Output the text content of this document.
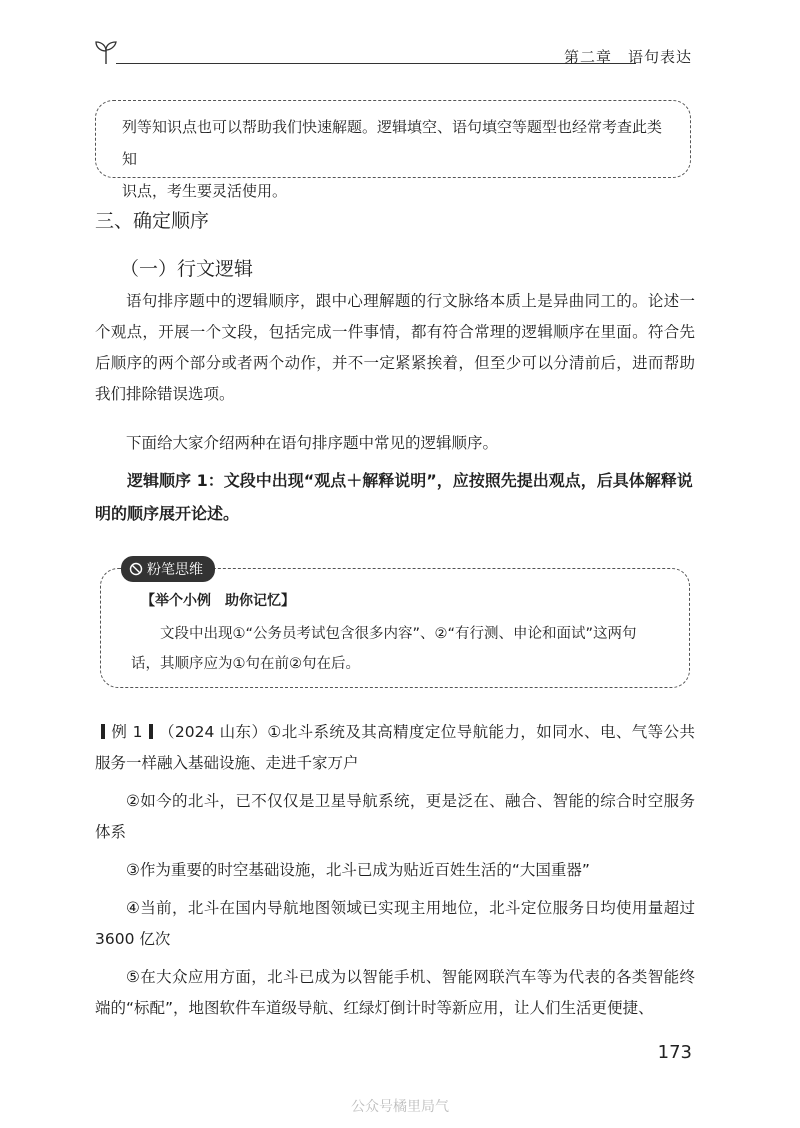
第二章　语句表达

列等知识点也可以帮助我们快速解题。逻辑填空、语句填空等题型也经常考查此类知

识点，考生要灵活使用。

三、确定顺序
（一）行文逻辑

语句排序题中的逻辑顺序，跟中心理解题的行文脉络本质上是异曲同工的。论述一个观点，开展一个文段，包括完成一件事情，都有符合常理的逻辑顺序在里面。符合先后顺序的两个部分或者两个动作，并不一定紧紧挨着，但至少可以分清前后，进而帮助我们排除错误选项。

下面给大家介绍两种在语句排序题中常见的逻辑顺序。

逻辑顺序 1：文段中出现“观点＋解释说明”，应按照先提出观点，后具体解释说明的顺序展开论述。

粉笔思维

【举个小例　助你记忆】

文段中出现①“公务员考试包含很多内容”、②“有行测、申论和面试”这两句话，其顺序应为①句在前②句在后。

例 1 （2024 山东）①北斗系统及其高精度定位导航能力，如同水、电、气等公共服务一样融入基础设施、走进千家万户

②如今的北斗，已不仅仅是卫星导航系统，更是泛在、融合、智能的综合时空服务体系

③作为重要的时空基础设施，北斗已成为贴近百姓生活的“大国重器”

④当前，北斗在国内导航地图领域已实现主用地位，北斗定位服务日均使用量超过 3600 亿次

⑤在大众应用方面，北斗已成为以智能手机、智能网联汽车等为代表的各类智能终端的“标配”，地图软件车道级导航、红绿灯倒计时等新应用，让人们生活更便捷、

173
公众号橘里局气
